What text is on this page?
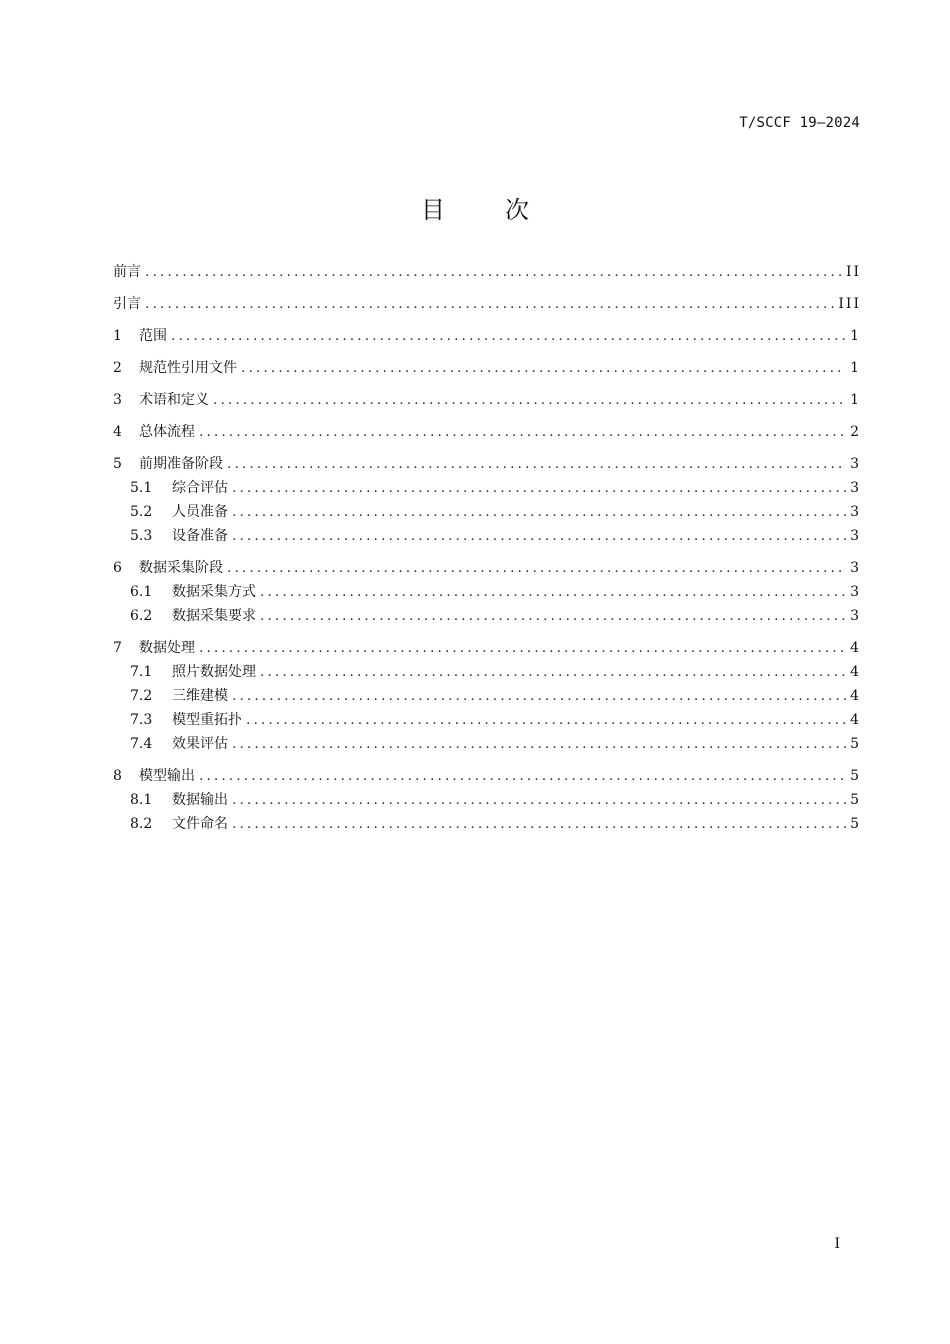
T/SCCF 19—2024
目次
前言 .....	II
引言 .....	III
1	范围 .....	1
2	规范性引用文件 .....	1
3	术语和定义 .....	1
4	总体流程 .....	2
5	前期准备阶段 .....	3
5.1	综合评估 .....	3
5.2	人员准备 .....	3
5.3	设备准备 .....	3
6	数据采集阶段 .....	3
6.1	数据采集方式 .....	3
6.2	数据采集要求 .....	3
7	数据处理 .....	4
7.1	照片数据处理 .....	4
7.2	三维建模 .....	4
7.3	模型重拓扑 .....	4
7.4	效果评估 .....	5
8	模型输出 .....	5
8.1	数据输出 .....	5
8.2	文件命名 .....	5
I
